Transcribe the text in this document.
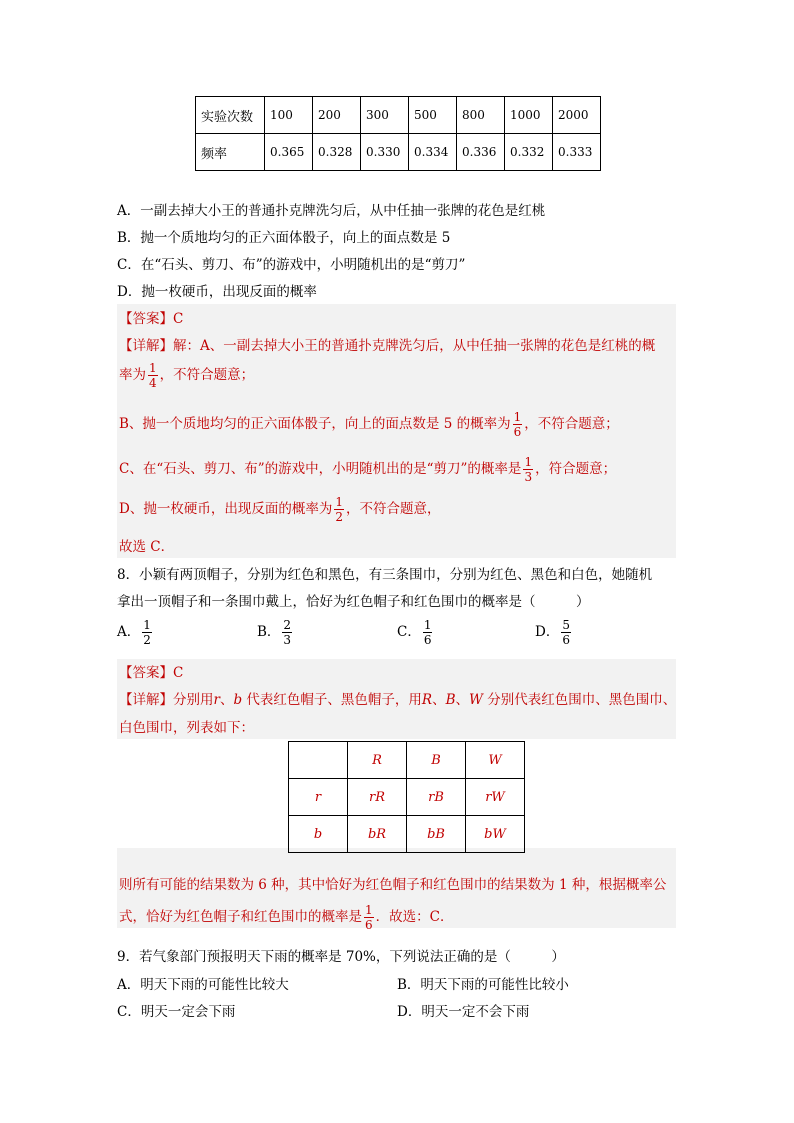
实验次数	100	200	300	500	800	1000	2000
频率	0.365	0.328	0.330	0.334	0.336	0.332	0.333
A．一副去掉大小王的普通扑克牌洗匀后，从中任抽一张牌的花色是红桃
B．抛一个质地均匀的正六面体骰子，向上的面点数是 5
C．在“石头、剪刀、布”的游戏中，小明随机出的是“剪刀”
D．抛一枚硬币，出现反面的概率
【答案】C
【详解】解：A、一副去掉大小王的普通扑克牌洗匀后，从中任抽一张牌的花色是红桃的概
率为 $\frac{1}{4}$ ，不符合题意；
B、抛一个质地均匀的正六面体骰子，向上的面点数是 5 的概率为 $\frac{1}{6}$ ，不符合题意；
C、在“石头、剪刀、布”的游戏中，小明随机出的是“剪刀”的概率是 $\frac{1}{3}$ ，符合题意；
D、抛一枚硬币，出现反面的概率为 $\frac{1}{2}$ ，不符合题意，
故选 C．
8．小颖有两顶帽子，分别为红色和黑色，有三条围巾，分别为红色、黑色和白色，她随机
拿出一顶帽子和一条围巾戴上，恰好为红色帽子和红色围巾的概率是（　　　）
A． $\frac{1}{2}$	B． $\frac{2}{3}$	C． $\frac{1}{6}$	D． $\frac{5}{6}$
【答案】C
【详解】分别用r、b 代表红色帽子、黑色帽子，用R、B、W 分别代表红色围巾、黑色围巾、
白色围巾，列表如下：
	R	B	W
r	rR	rB	rW
b	bR	bB	bW
则所有可能的结果数为 6 种，其中恰好为红色帽子和红色围巾的结果数为 1 种，根据概率公
式，恰好为红色帽子和红色围巾的概率是 $\frac{1}{6}$ ．故选：C．
9．若气象部门预报明天下雨的概率是 70%，下列说法正确的是（　　　）
A．明天下雨的可能性比较大	B．明天下雨的可能性比较小
C．明天一定会下雨	D．明天一定不会下雨
